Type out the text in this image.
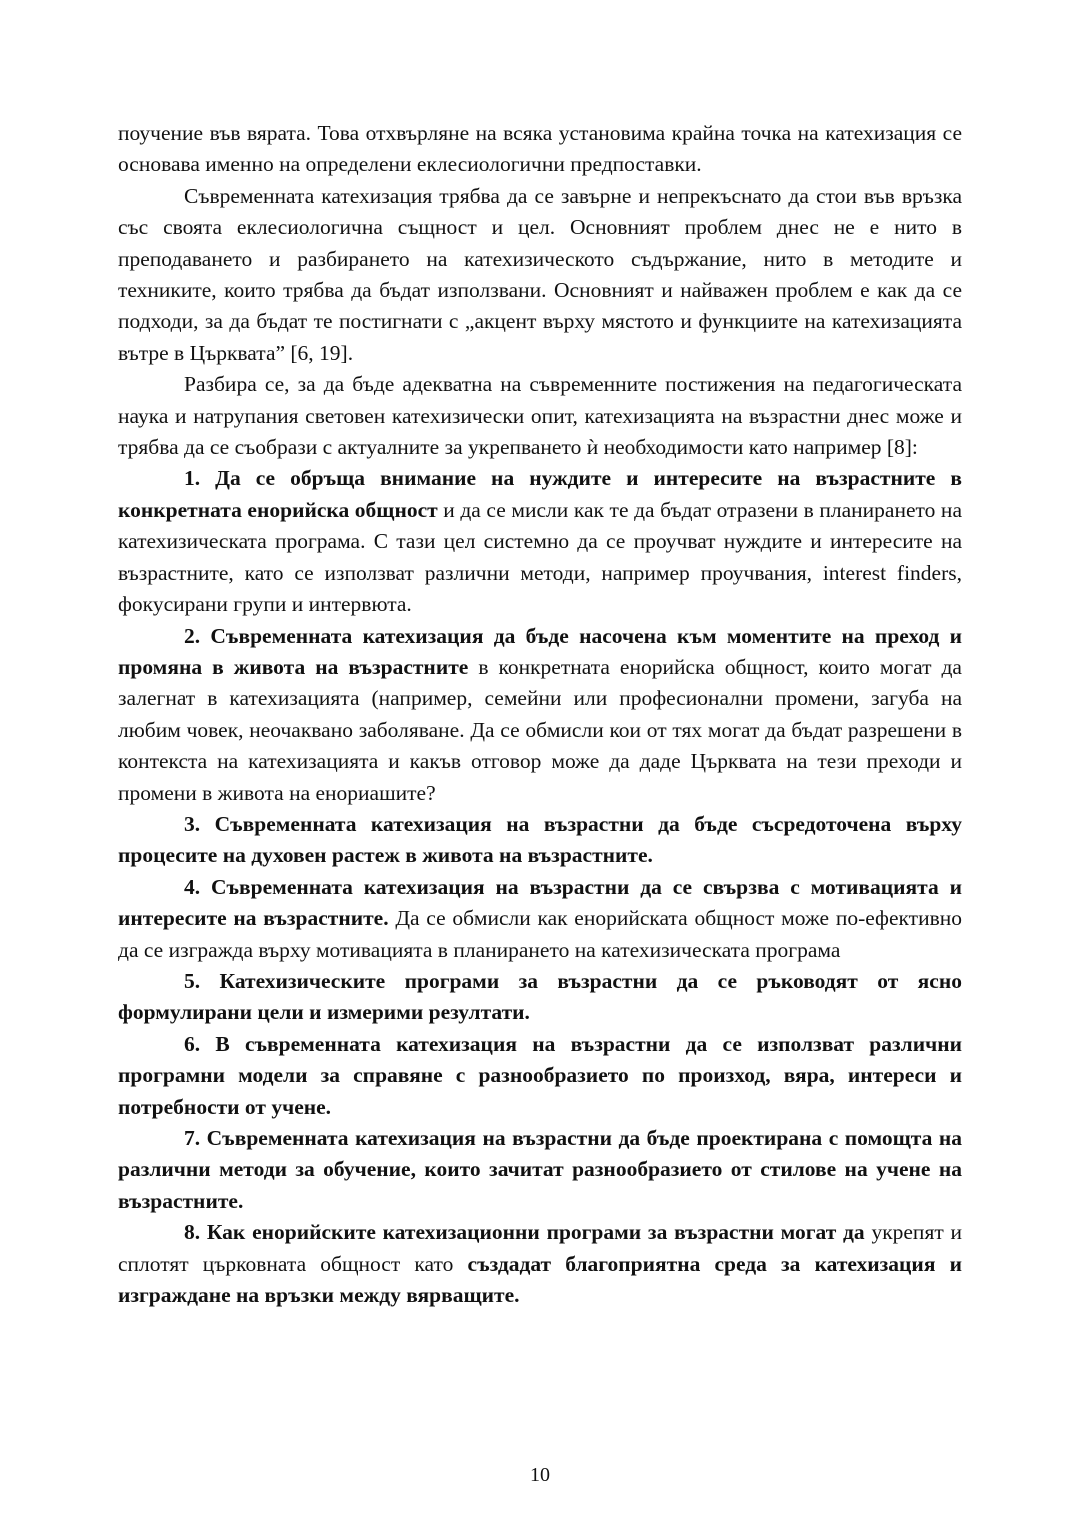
поучение във вярата. Това отхвърляне на всяка установима крайна точка на катехизация се основава именно на определени еклесиологични предпоставки.

Съвременната катехизация трябва да се завърне и непрекъснато да стои във връзка със своята еклесиологична същност и цел. Основният проблем днес не е нито в преподаването и разбирането на катехизическото съдържание, нито в методите и техниките, които трябва да бъдат използвани. Основният и найважен проблем е как да се подходи, за да бъдат те постигнати с „акцент върху мястото и функциите на катехизацията вътре в Църквата” [6, 19].

Разбира се, за да бъде адекватна на съвременните постижения на педагогическата наука и натрупания световен катехизически опит, катехизацията на възрастни днес може и трябва да се съобрази с актуалните за укрепването ѝ необходимости като например [8]:

1. Да се обръща внимание на нуждите и интересите на възрастните в конкретната енорийска общност и да се мисли как те да бъдат отразени в планирането на катехизическата програма. С тази цел системно да се проучват нуждите и интересите на възрастните, като се използват различни методи, например проучвания, interest finders, фокусирани групи и интервюта.

2. Съвременната катехизация да бъде насочена към моментите на преход и промяна в живота на възрастните в конкретната енорийска общност, които могат да залегнат в катехизацията (например, семейни или професионални промени, загуба на любим човек, неочаквано заболяване. Да се обмисли кои от тях могат да бъдат разрешени в контекста на катехизацията и какъв отговор може да даде Църквата на тези преходи и промени в живота на енориашите?

3. Съвременната катехизация на възрастни да бъде съсредоточена върху процесите на духовен растеж в живота на възрастните.

4. Съвременната катехизация на възрастни да се свързва с мотивацията и интересите на възрастните. Да се обмисли как енорийската общност може по-ефективно да се изгражда върху мотивацията в планирането на катехизическата програма

5. Катехизическите програми за възрастни да се ръководят от ясно формулирани цели и измерими резултати.

6. В съвременната катехизация на възрастни да се използват различни програмни модели за справяне с разнообразието по произход, вяра, интереси и потребности от учене.

7. Съвременната катехизация на възрастни да бъде проектирана с помощта на различни методи за обучение, които зачитат разнообразието от стилове на учене на възрастните.

8. Как енорийските катехизационни програми за възрастни могат да укрепят и сплотят църковната общност като създадат благоприятна среда за катехизация и изграждане на връзки между вярващите.

10
